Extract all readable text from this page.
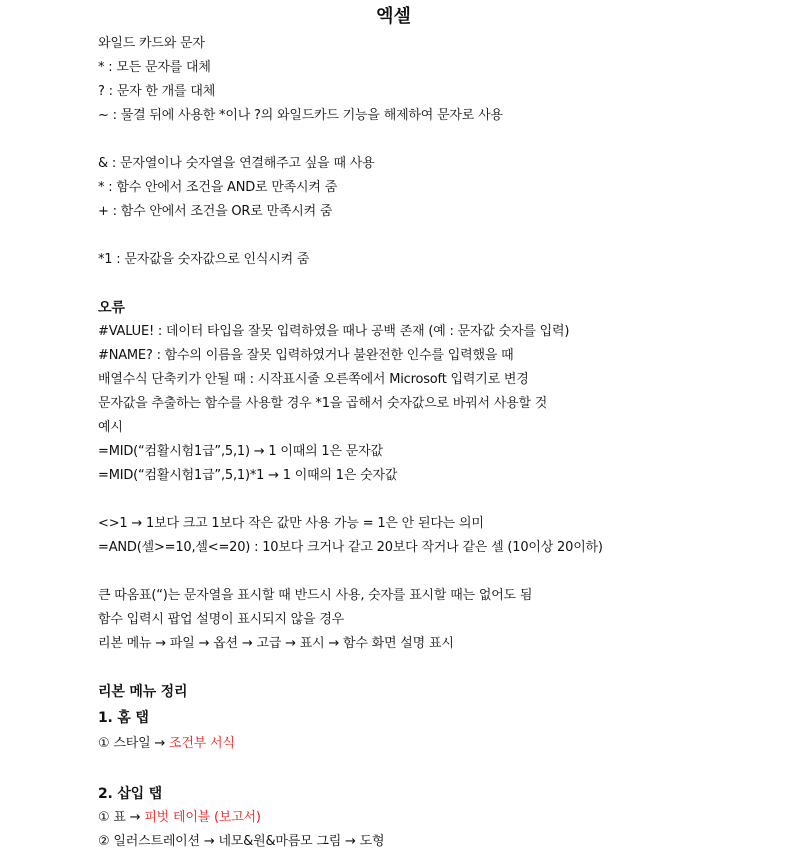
엑셀
와일드 카드와 문자
* : 모든 문자를 대체
? : 문자 한 개를 대체
~ : 물결 뒤에 사용한 *이나 ?의 와일드카드 기능을 해제하여 문자로 사용
& : 문자열이나 숫자열을 연결해주고 싶을 때 사용
* : 함수 안에서 조건을 AND로 만족시켜 줌
+ : 함수 안에서 조건을 OR로 만족시켜 줌
*1 : 문자값을 숫자값으로 인식시켜 줌
오류
#VALUE! : 데이터 타입을 잘못 입력하였을 때나 공백 존재 (예 : 문자값 숫자를 입력)
#NAME? : 함수의 이름을 잘못 입력하였거나 불완전한 인수를 입력했을 때
배열수식 단축키가 안될 때 : 시작표시줄 오른쪽에서 Microsoft 입력기로 변경
문자값을 추출하는 함수를 사용할 경우 *1을 곱해서 숫자값으로 바꿔서 사용할 것
예시
=MID(“컴활시험1급”,5,1) → 1 이때의 1은 문자값
=MID(“컴활시험1급”,5,1)*1 → 1 이때의 1은 숫자값
<>1 → 1보다 크고 1보다 작은 값만 사용 가능 = 1은 안 된다는 의미
=AND(셀>=10,셀<=20) : 10보다 크거나 같고 20보다 작거나 같은 셀 (10이상 20이하)
큰 따옴표(“)는 문자열을 표시할 때 반드시 사용, 숫자를 표시할 때는 없어도 됨
함수 입력시 팝업 설명이 표시되지 않을 경우
리본 메뉴 → 파일 → 옵션 → 고급 → 표시 → 함수 화면 설명 표시
리본 메뉴 정리
1. 홈 탭
① 스타일 → 조건부 서식
2. 삽입 탭
① 표 → 피벗 테이블 (보고서)
② 일러스트레이션 → 네모&원&마름모 그림 → 도형
